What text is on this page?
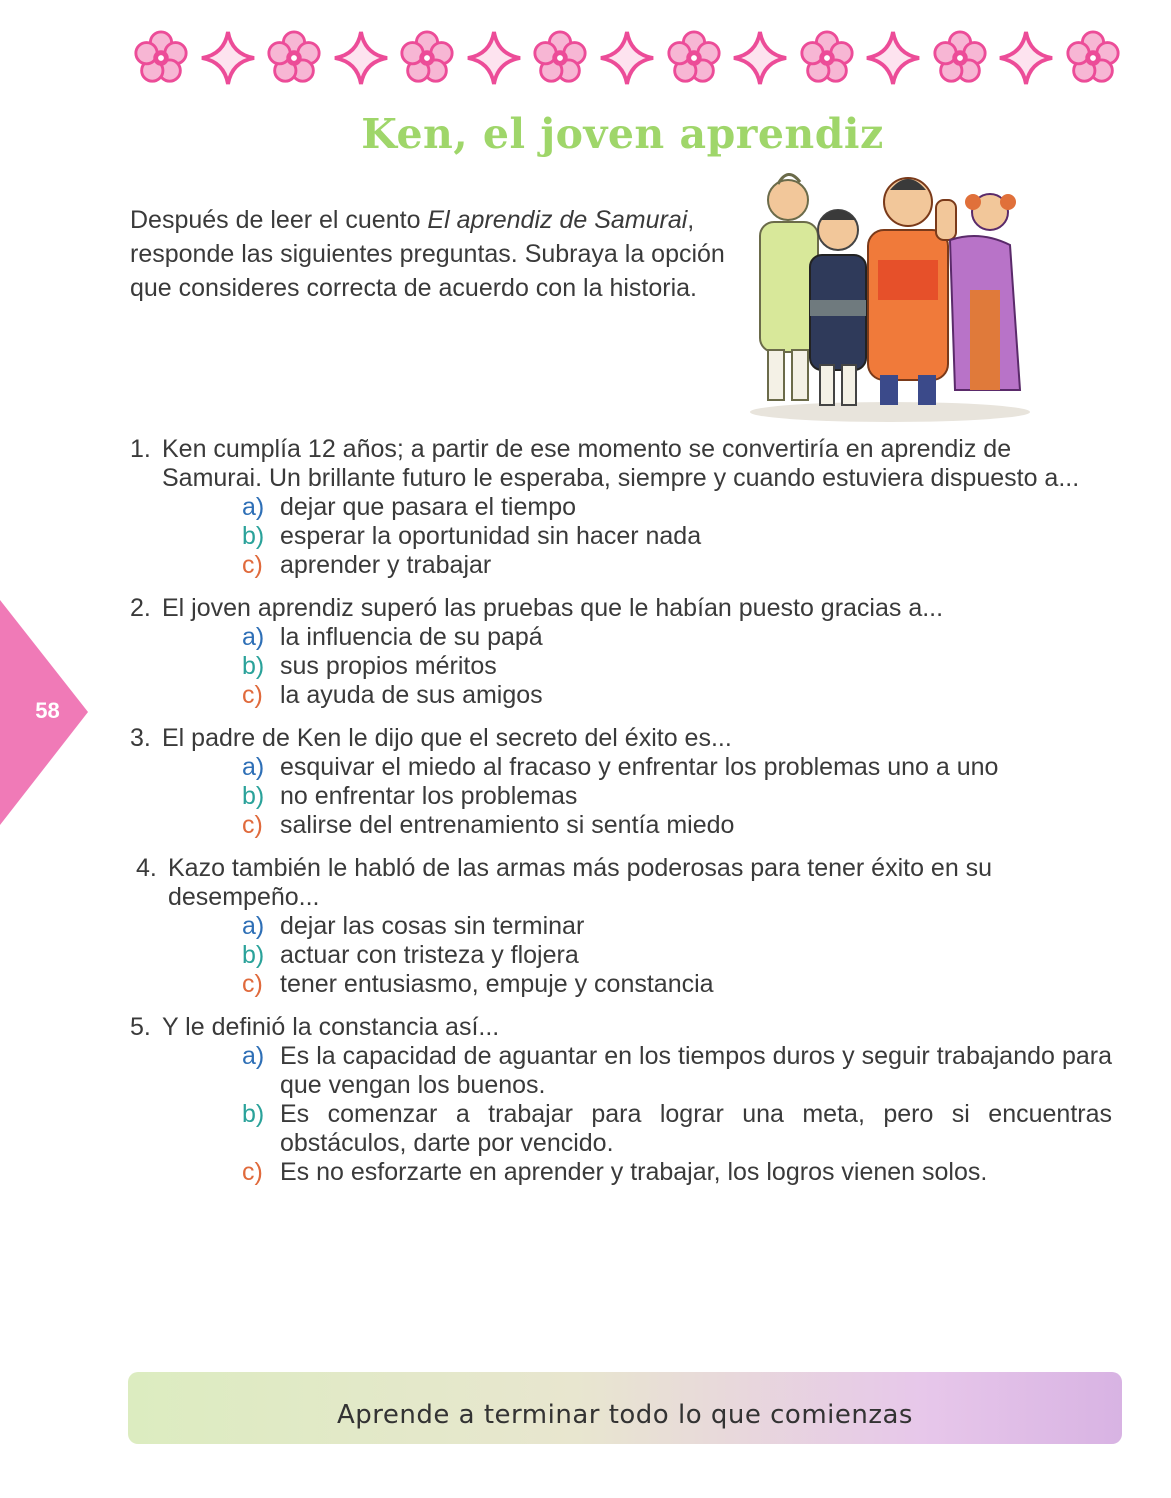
Ken, el joven aprendiz

Después de leer el cuento El aprendiz de Samurai, responde las siguientes preguntas. Subraya la opción que consideres correcta de acuerdo con la historia.

1. Ken cumplía 12 años; a partir de ese momento se convertiría en aprendiz de Samurai. Un brillante futuro le esperaba, siempre y cuando estuviera dispuesto a...

a) dejar que pasara el tiempo
b) esperar la oportunidad sin hacer nada
c) aprender y trabajar

2. El joven aprendiz superó las pruebas que le habían puesto gracias a...

a) la influencia de su papá
b) sus propios méritos
c) la ayuda de sus amigos

3. El padre de Ken le dijo que el secreto del éxito es...

a) esquivar el miedo al fracaso y enfrentar los problemas uno a uno
b) no enfrentar los problemas
c) salirse del entrenamiento si sentía miedo

4. Kazo también le habló de las armas más poderosas para tener éxito en su desempeño...

a) dejar las cosas sin terminar
b) actuar con tristeza y flojera
c) tener entusiasmo, empuje y constancia

5. Y le definió la constancia así...

a) Es la capacidad de aguantar en los tiempos duros y seguir trabajando para que vengan los buenos.
b) Es comenzar a trabajar para lograr una meta, pero si encuentras obstáculos, darte por vencido.
c) Es no esforzarte en aprender y trabajar, los logros vienen solos.
58
Aprende a terminar todo lo que comienzas
